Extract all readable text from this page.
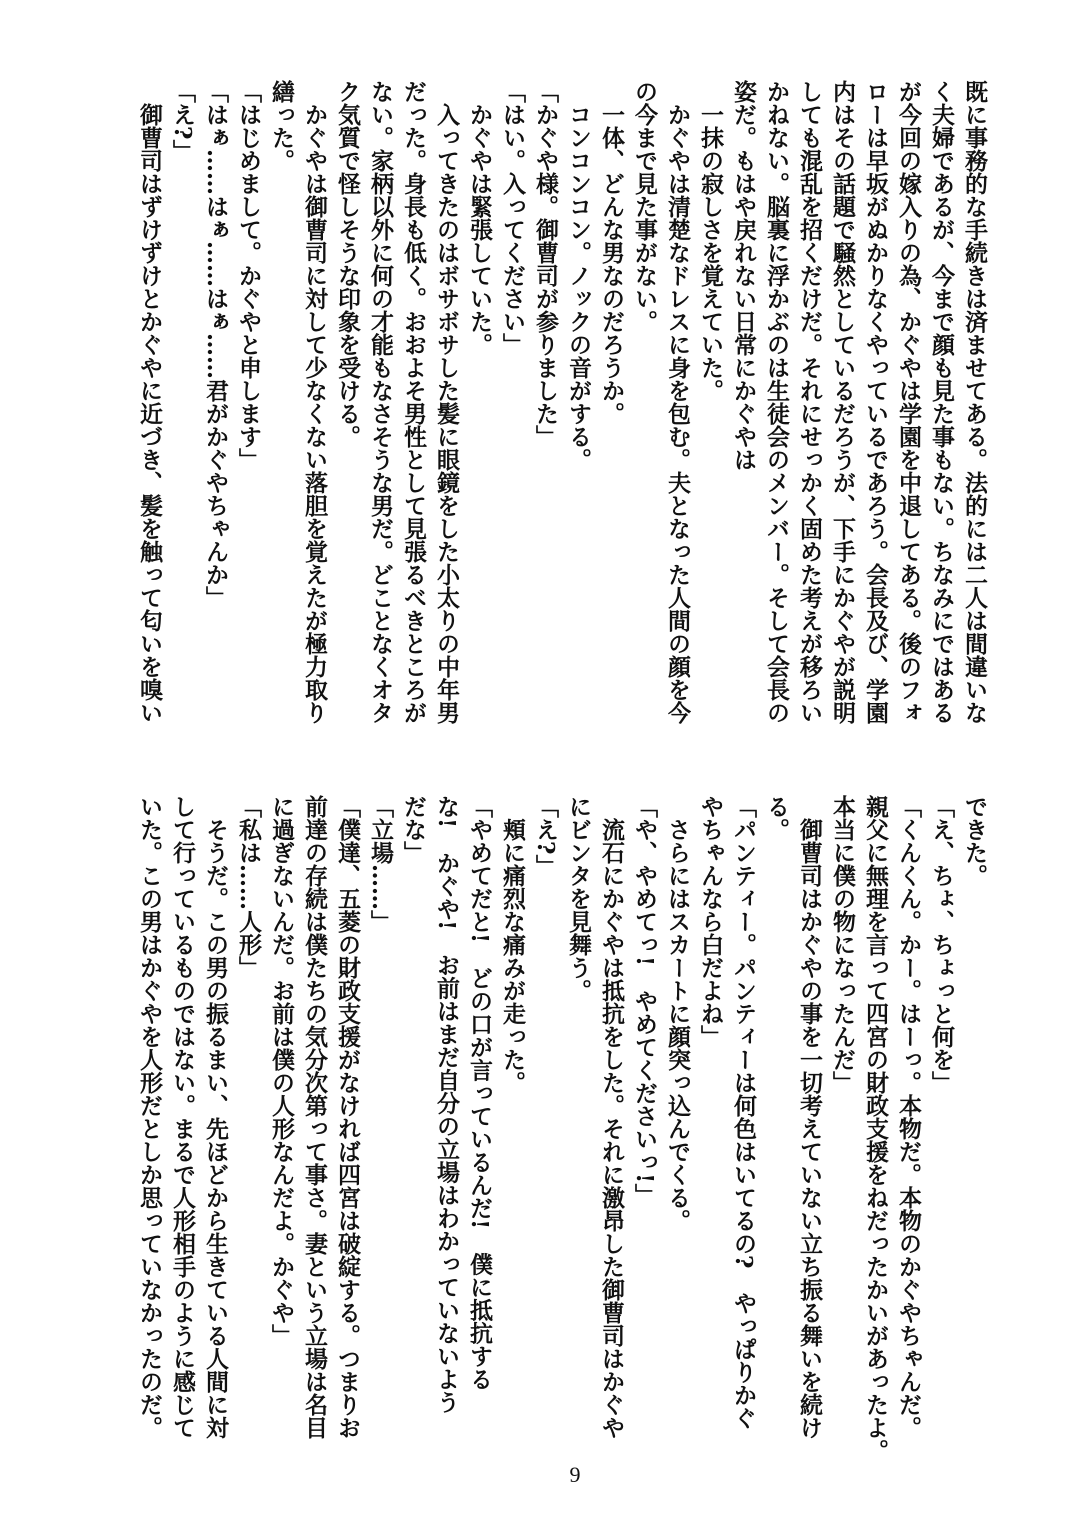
既に事務的な手続きは済ませてある。法的には二人は間違いな
く夫婦であるが、今まで顔も見た事もない。ちなみにではある
が今回の嫁入りの為、かぐやは学園を中退してある。後のフォ
ローは早坂がぬかりなくやっているであろう。会長及び、学園
内はその話題で騒然としているだろうが、下手にかぐやが説明
しても混乱を招くだけだ。それにせっかく固めた考えが移ろい
かねない。脳裏に浮かぶのは生徒会のメンバー。そして会長の
姿だ。もはや戻れない日常にかぐやは
　一抹の寂しさを覚えていた。
　かぐやは清楚なドレスに身を包む。夫となった人間の顔を今
の今まで見た事がない。
　一体、どんな男なのだろうか。
　コンコンコン。ノックの音がする。
「かぐや様。御曹司が参りました」
「はい。入ってください」
　かぐやは緊張していた。
　入ってきたのはボサボサした髪に眼鏡をした小太りの中年男
だった。身長も低く。おおよそ男性として見張るべきところが
ない。家柄以外に何の才能もなさそうな男だ。どことなくオタ
ク気質で怪しそうな印象を受ける。
　かぐやは御曹司に対して少なくない落胆を覚えたが極力取り
繕った。
「はじめまして。かぐやと申します」
「はぁ……はぁ……はぁ……君がかぐやちゃんか」
「え?」
　御曹司はずけずけとかぐやに近づき、髪を触って匂いを嗅い
できた。
「え、ちょ、ちょっと何を」
「くんくん。かー。はーっ。本物だ。本物のかぐやちゃんだ。
親父に無理を言って四宮の財政支援をねだったかいがあったよ。
本当に僕の物になったんだ」
　御曹司はかぐやの事を一切考えていない立ち振る舞いを続け
る。
「パンティー。パンティーは何色はいてるの?　やっぱりかぐ
やちゃんなら白だよね」
　さらにはスカートに顔突っ込んでくる。
「や、やめてっ!　やめてくださいっ!」
　流石にかぐやは抵抗をした。それに激昂した御曹司はかぐや
にビンタを見舞う。
「え?」
　頬に痛烈な痛みが走った。
「やめてだと!　どの口が言っているんだ!　僕に抵抗する
な!　かぐや!　お前はまだ自分の立場はわかっていないよう
だな」
「立場……」
「僕達、五菱の財政支援がなければ四宮は破綻する。つまりお
前達の存続は僕たちの気分次第って事さ。妻という立場は名目
に過ぎないんだ。お前は僕の人形なんだよ。かぐや」
「私は……人形」
　そうだ。この男の振るまい、先ほどから生きている人間に対
して行っているものではない。まるで人形相手のように感じて
いた。この男はかぐやを人形だとしか思っていなかったのだ。
9
